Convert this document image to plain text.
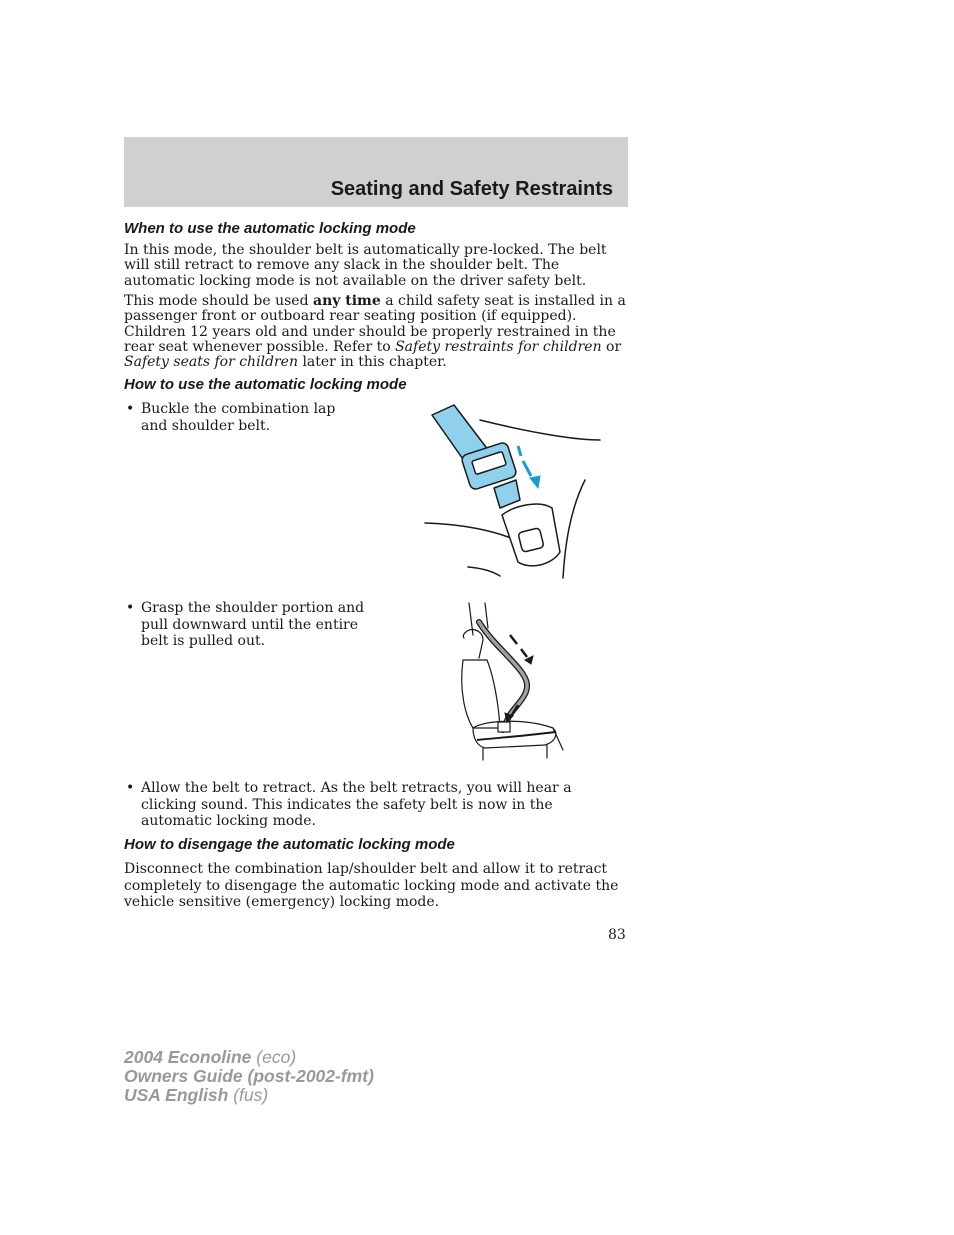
Seating and Safety Restraints

When to use the automatic locking mode

In this mode, the shoulder belt is automatically pre-locked. The belt will still retract to remove any slack in the shoulder belt. The automatic locking mode is not available on the driver safety belt.

This mode should be used any time a child safety seat is installed in a passenger front or outboard rear seating position (if equipped). Children 12 years old and under should be properly restrained in the rear seat whenever possible. Refer to Safety restraints for children or Safety seats for children later in this chapter.

How to use the automatic locking mode

• Buckle the combination lap and shoulder belt.

• Grasp the shoulder portion and pull downward until the entire belt is pulled out.

• Allow the belt to retract. As the belt retracts, you will hear a clicking sound. This indicates the safety belt is now in the automatic locking mode.

How to disengage the automatic locking mode

Disconnect the combination lap/shoulder belt and allow it to retract completely to disengage the automatic locking mode and activate the vehicle sensitive (emergency) locking mode.

83
2004 Econoline (eco)
Owners Guide (post-2002-fmt)
USA English (fus)
